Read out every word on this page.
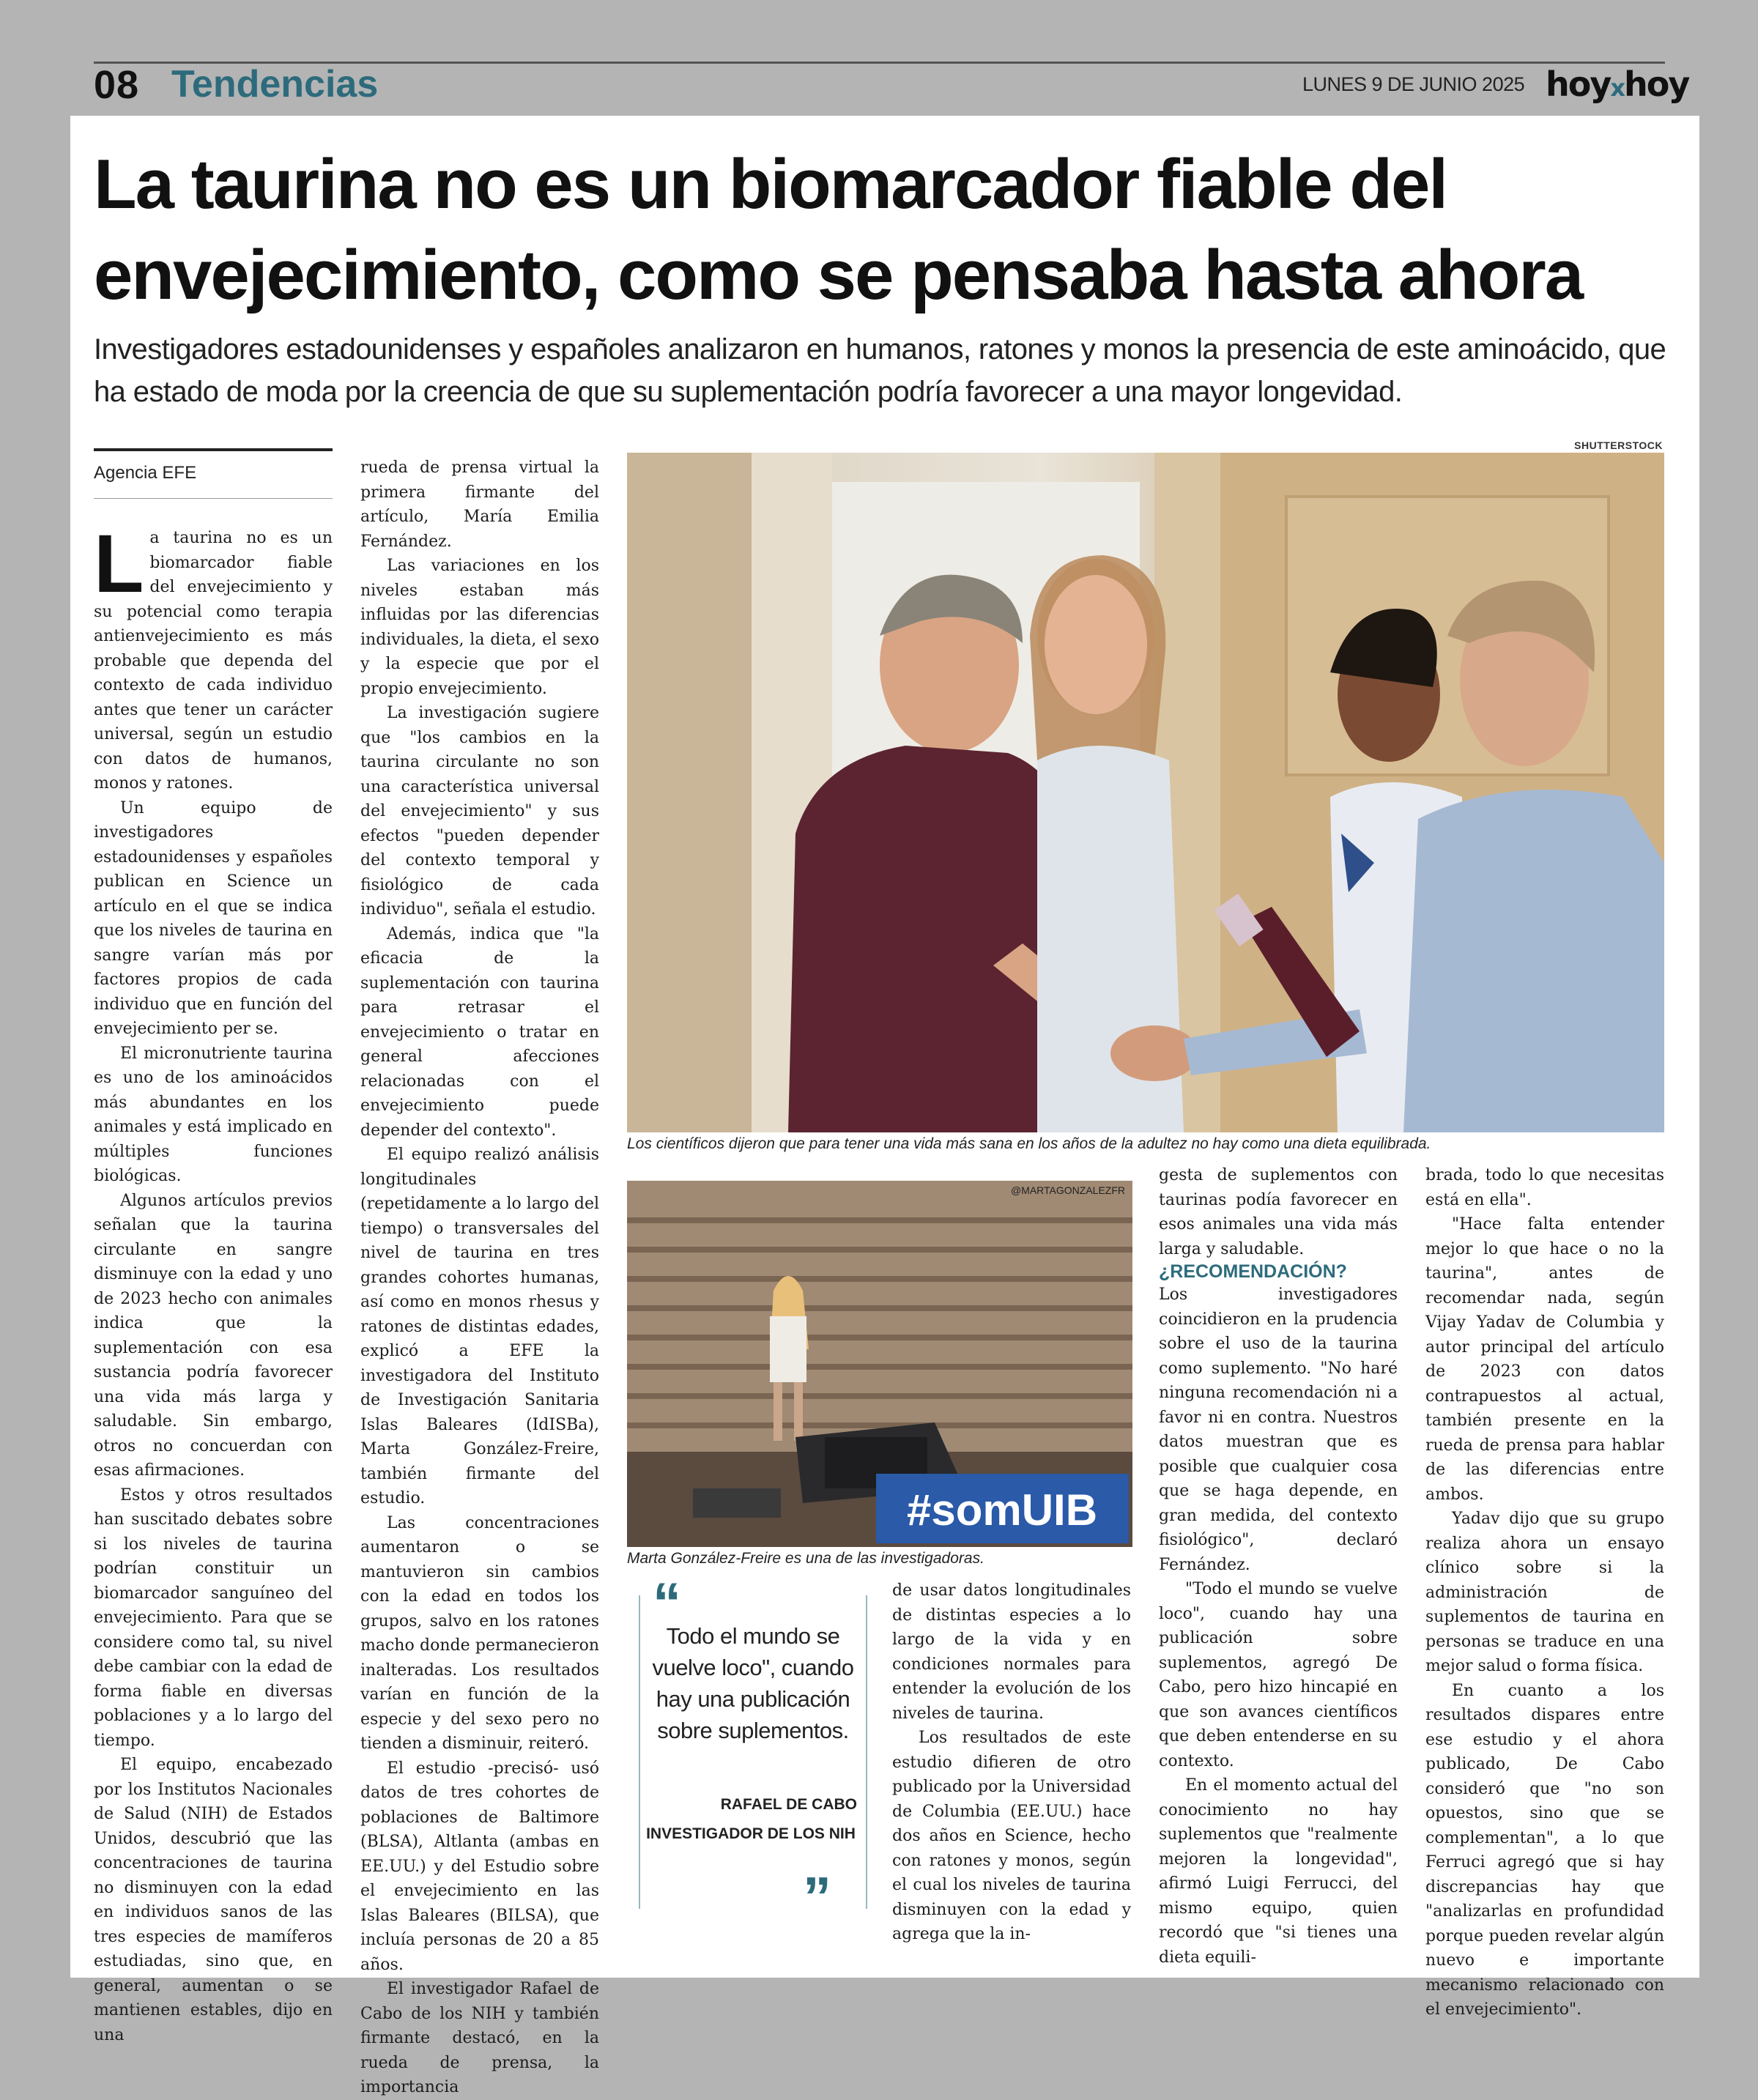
08 Tendencias	LUNES 9 DE JUNIO 2025 hoyxhoy
La taurina no es un biomarcador fiable del envejecimiento, como se pensaba hasta ahora

Investigadores estadounidenses y españoles analizaron en humanos, ratones y monos la presencia de este aminoácido, que ha estado de moda por la creencia de que su suplementación podría favorecer a una mayor longevidad.

Agencia EFE

La taurina no es un biomarcador fiable del envejecimiento y su potencial como terapia antienvejecimiento es más probable que dependa del contexto de cada individuo antes que tener un carácter universal, según un estudio con datos de humanos, monos y ratones.

Un equipo de investigadores estadounidenses y españoles publican en Science un artículo en el que se indica que los niveles de taurina en sangre varían más por factores propios de cada individuo que en función del envejecimiento per se.

El micronutriente taurina es uno de los aminoácidos más abundantes en los animales y está implicado en múltiples funciones biológicas.

Algunos artículos previos señalan que la taurina circulante en sangre disminuye con la edad y uno de 2023 hecho con animales indica que la suplementación con esa sustancia podría favorecer una vida más larga y saludable. Sin embargo, otros no concuerdan con esas afirmaciones.

Estos y otros resultados han suscitado debates sobre si los niveles de taurina podrían constituir un biomarcador sanguíneo del envejecimiento. Para que se considere como tal, su nivel debe cambiar con la edad de forma fiable en diversas poblaciones y a lo largo del tiempo.

El equipo, encabezado por los Institutos Nacionales de Salud (NIH) de Estados Unidos, descubrió que las concentraciones de taurina no disminuyen con la edad en individuos sanos de las tres especies de mamíferos estudiadas, sino que, en general, aumentan o se mantienen estables, dijo en una

rueda de prensa virtual la primera firmante del artículo, María Emilia Fernández.

Las variaciones en los niveles estaban más influidas por las diferencias individuales, la dieta, el sexo y la especie que por el propio envejecimiento.

La investigación sugiere que "los cambios en la taurina circulante no son una característica universal del envejecimiento" y sus efectos "pueden depender del contexto temporal y fisiológico de cada individuo", señala el estudio.

Además, indica que "la eficacia de la suplementación con taurina para retrasar el envejecimiento o tratar en general afecciones relacionadas con el envejecimiento puede depender del contexto".

El equipo realizó análisis longitudinales (repetidamente a lo largo del tiempo) o transversales del nivel de taurina en tres grandes cohortes humanas, así como en monos rhesus y ratones de distintas edades, explicó a EFE la investigadora del Instituto de Investigación Sanitaria Islas Baleares (IdISBa), Marta González-Freire, también firmante del estudio.

Las concentraciones aumentaron o se mantuvieron sin cambios con la edad en todos los grupos, salvo en los ratones macho donde permanecieron inalteradas. Los resultados varían en función de la especie y del sexo pero no tienden a disminuir, reiteró.

El estudio -precisó- usó datos de tres cohortes de poblaciones de Baltimore (BLSA), Altlanta (ambas en EE.UU.) y del Estudio sobre el envejecimiento en las Islas Baleares (BILSA), que incluía personas de 20 a 85 años.

El investigador Rafael de Cabo de los NIH y también firmante destacó, en la rueda de prensa, la importancia

SHUTTERSTOCK
Los científicos dijeron que para tener una vida más sana en los años de la adultez no hay como una dieta equilibrada.
#somUIB
@MARTAGONZALEZFR
Marta González-Freire es una de las investigadoras.
“

Todo el mundo se vuelve loco", cuando hay una publicación sobre suplementos.

RAFAEL DE CABO
INVESTIGADOR DE LOS NIH
”

de usar datos longitudinales de distintas especies a lo largo de la vida y en condiciones normales para entender la evolución de los niveles de taurina.

Los resultados de este estudio difieren de otro publicado por la Universidad de Columbia (EE.UU.) hace dos años en Science, hecho con ratones y monos, según el cual los niveles de taurina disminuyen con la edad y agrega que la in-

gesta de suplementos con taurinas podía favorecer en esos animales una vida más larga y saludable.

¿RECOMENDACIÓN?

Los investigadores coincidieron en la prudencia sobre el uso de la taurina como suplemento. "No haré ninguna recomendación ni a favor ni en contra. Nuestros datos muestran que es posible que cualquier cosa que se haga depende, en gran medida, del contexto fisiológico", declaró Fernández.

"Todo el mundo se vuelve loco", cuando hay una publicación sobre suplementos, agregó De Cabo, pero hizo hincapié en que son avances científicos que deben entenderse en su contexto.

En el momento actual del conocimiento no hay suplementos que "realmente mejoren la longevidad", afirmó Luigi Ferrucci, del mismo equipo, quien recordó que "si tienes una dieta equili-

brada, todo lo que necesitas está en ella".

"Hace falta entender mejor lo que hace o no la taurina", antes de recomendar nada, según Vijay Yadav de Columbia y autor principal del artículo de 2023 con datos contrapuestos al actual, también presente en la rueda de prensa para hablar de las diferencias entre ambos.

Yadav dijo que su grupo realiza ahora un ensayo clínico sobre si la administración de suplementos de taurina en personas se traduce en una mejor salud o forma física.

En cuanto a los resultados dispares entre ese estudio y el ahora publicado, De Cabo consideró que "no son opuestos, sino que se complementan", a lo que Ferruci agregó que si hay discrepancias hay que "analizarlas en profundidad porque pueden revelar algún nuevo e importante mecanismo relacionado con el envejecimiento".
